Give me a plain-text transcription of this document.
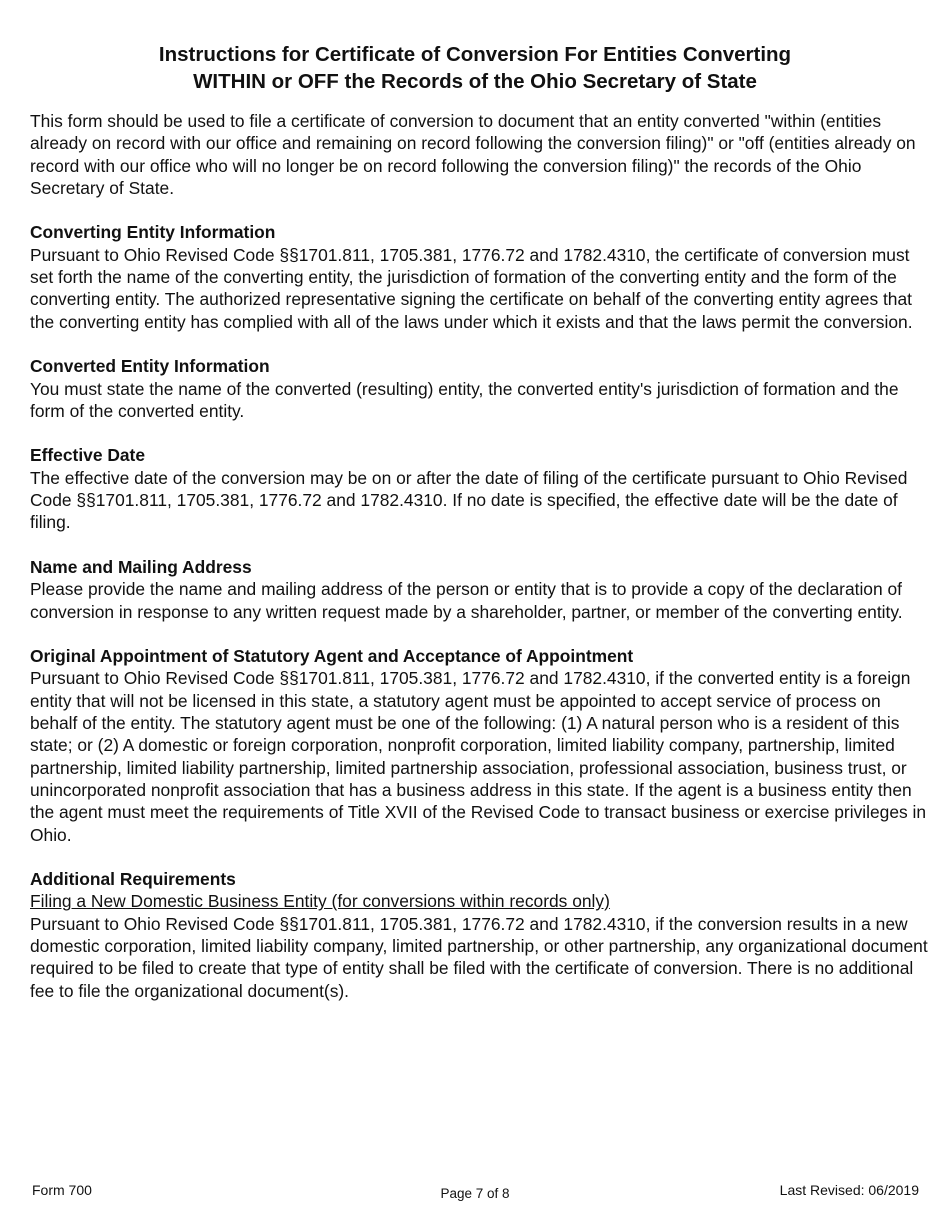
Instructions for Certificate of Conversion For Entities Converting
WITHIN or OFF the Records of the Ohio Secretary of State

This form should be used to file a certificate of conversion to document that an entity converted "within (entities already on record with our office and remaining on record following the conversion filing)" or "off (entities already on record with our office who will no longer be on record following the conversion filing)" the records of the Ohio Secretary of State.

Converting Entity Information

Pursuant to Ohio Revised Code §§1701.811, 1705.381, 1776.72 and 1782.4310, the certificate of conversion must set forth the name of the converting entity, the jurisdiction of formation of the converting entity and the form of the converting entity. The authorized representative signing the certificate on behalf of the converting entity agrees that the converting entity has complied with all of the laws under which it exists and that the laws permit the conversion.

Converted Entity Information

You must state the name of the converted (resulting) entity, the converted entity's jurisdiction of formation and the form of the converted entity.

Effective Date

The effective date of the conversion may be on or after the date of filing of the certificate pursuant to Ohio Revised Code §§1701.811, 1705.381, 1776.72 and 1782.4310. If no date is specified, the effective date will be the date of filing.

Name and Mailing Address

Please provide the name and mailing address of the person or entity that is to provide a copy of the declaration of conversion in response to any written request made by a shareholder, partner, or member of the converting entity.

Original Appointment of Statutory Agent and Acceptance of Appointment

Pursuant to Ohio Revised Code §§1701.811, 1705.381, 1776.72 and 1782.4310, if the converted entity is a foreign entity that will not be licensed in this state, a statutory agent must be appointed to accept service of process on behalf of the entity. The statutory agent must be one of the following: (1) A natural person who is a resident of this state; or (2) A domestic or foreign corporation, nonprofit corporation, limited liability company, partnership, limited partnership, limited liability partnership, limited partnership association, professional association, business trust, or unincorporated nonprofit association that has a business address in this state. If the agent is a business entity then the agent must meet the requirements of Title XVII of the Revised Code to transact business or exercise privileges in Ohio.

Additional Requirements

Filing a New Domestic Business Entity (for conversions within records only)

Pursuant to Ohio Revised Code §§1701.811, 1705.381, 1776.72 and 1782.4310, if the conversion results in a new domestic corporation, limited liability company, limited partnership, or other partnership, any organizational document required to be filed to create that type of entity shall be filed with the certificate of conversion. There is no additional fee to file the organizational document(s).

Form 700	Page 7 of 8	Last Revised: 06/2019
